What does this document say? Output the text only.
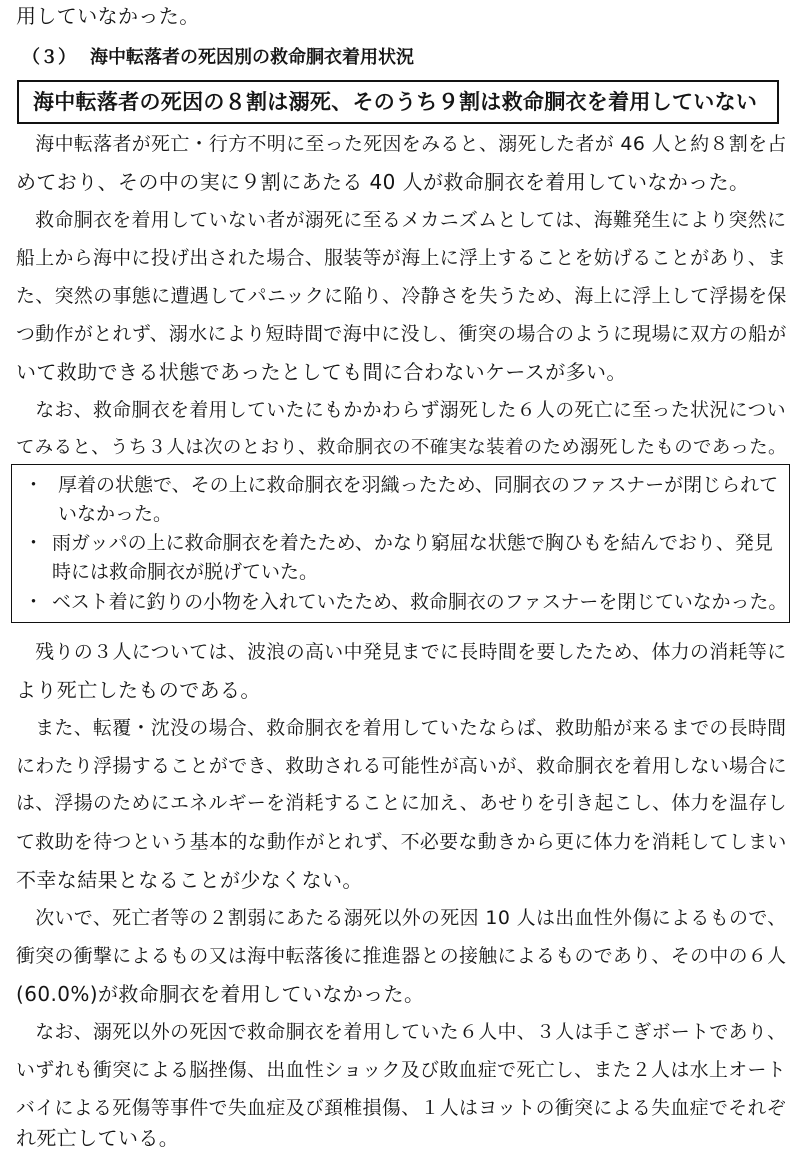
用していなかった。
（３） 海中転落者の死因別の救命胴衣着用状況
海中転落者の死因の８割は溺死、そのうち９割は救命胴衣を着用していない
　海中転落者が死亡・行方不明に至った死因をみると、溺死した者が 46 人と約８割を占
めており、その中の実に９割にあたる 40 人が救命胴衣を着用していなかった。
　救命胴衣を着用していない者が溺死に至るメカニズムとしては、海難発生により突然に
船上から海中に投げ出された場合、服装等が海上に浮上することを妨げることがあり、ま
た、突然の事態に遭遇してパニックに陥り、冷静さを失うため、海上に浮上して浮揚を保
つ動作がとれず、溺水により短時間で海中に没し、衝突の場合のように現場に双方の船が
いて救助できる状態であったとしても間に合わないケースが多い。
　なお、救命胴衣を着用していたにもかかわらず溺死した６人の死亡に至った状況につい
てみると、うち３人は次のとおり、救命胴衣の不確実な装着のため溺死したものであった。
・ 厚着の状態で、その上に救命胴衣を羽織ったため、同胴衣のファスナーが閉じられて
いなかった。
・ 雨ガッパの上に救命胴衣を着たため、かなり窮屈な状態で胸ひもを結んでおり、発見
時には救命胴衣が脱げていた。
・ ベスト着に釣りの小物を入れていたため、救命胴衣のファスナーを閉じていなかった。
　残りの３人については、波浪の高い中発見までに長時間を要したため、体力の消耗等に
より死亡したものである。
　また、転覆・沈没の場合、救命胴衣を着用していたならば、救助船が来るまでの長時間
にわたり浮揚することができ、救助される可能性が高いが、救命胴衣を着用しない場合に
は、浮揚のためにエネルギーを消耗することに加え、あせりを引き起こし、体力を温存し
て救助を待つという基本的な動作がとれず、不必要な動きから更に体力を消耗してしまい
不幸な結果となることが少なくない。
　次いで、死亡者等の２割弱にあたる溺死以外の死因 10 人は出血性外傷によるもので、
衝突の衝撃によるもの又は海中転落後に推進器との接触によるものであり、その中の６人
(60.0%)が救命胴衣を着用していなかった。
　なお、溺死以外の死因で救命胴衣を着用していた６人中、３人は手こぎボートであり、
いずれも衝突による脳挫傷、出血性ショック及び敗血症で死亡し、また２人は水上オート
バイによる死傷等事件で失血症及び頚椎損傷、１人はヨットの衝突による失血症でそれぞ
れ死亡している。
